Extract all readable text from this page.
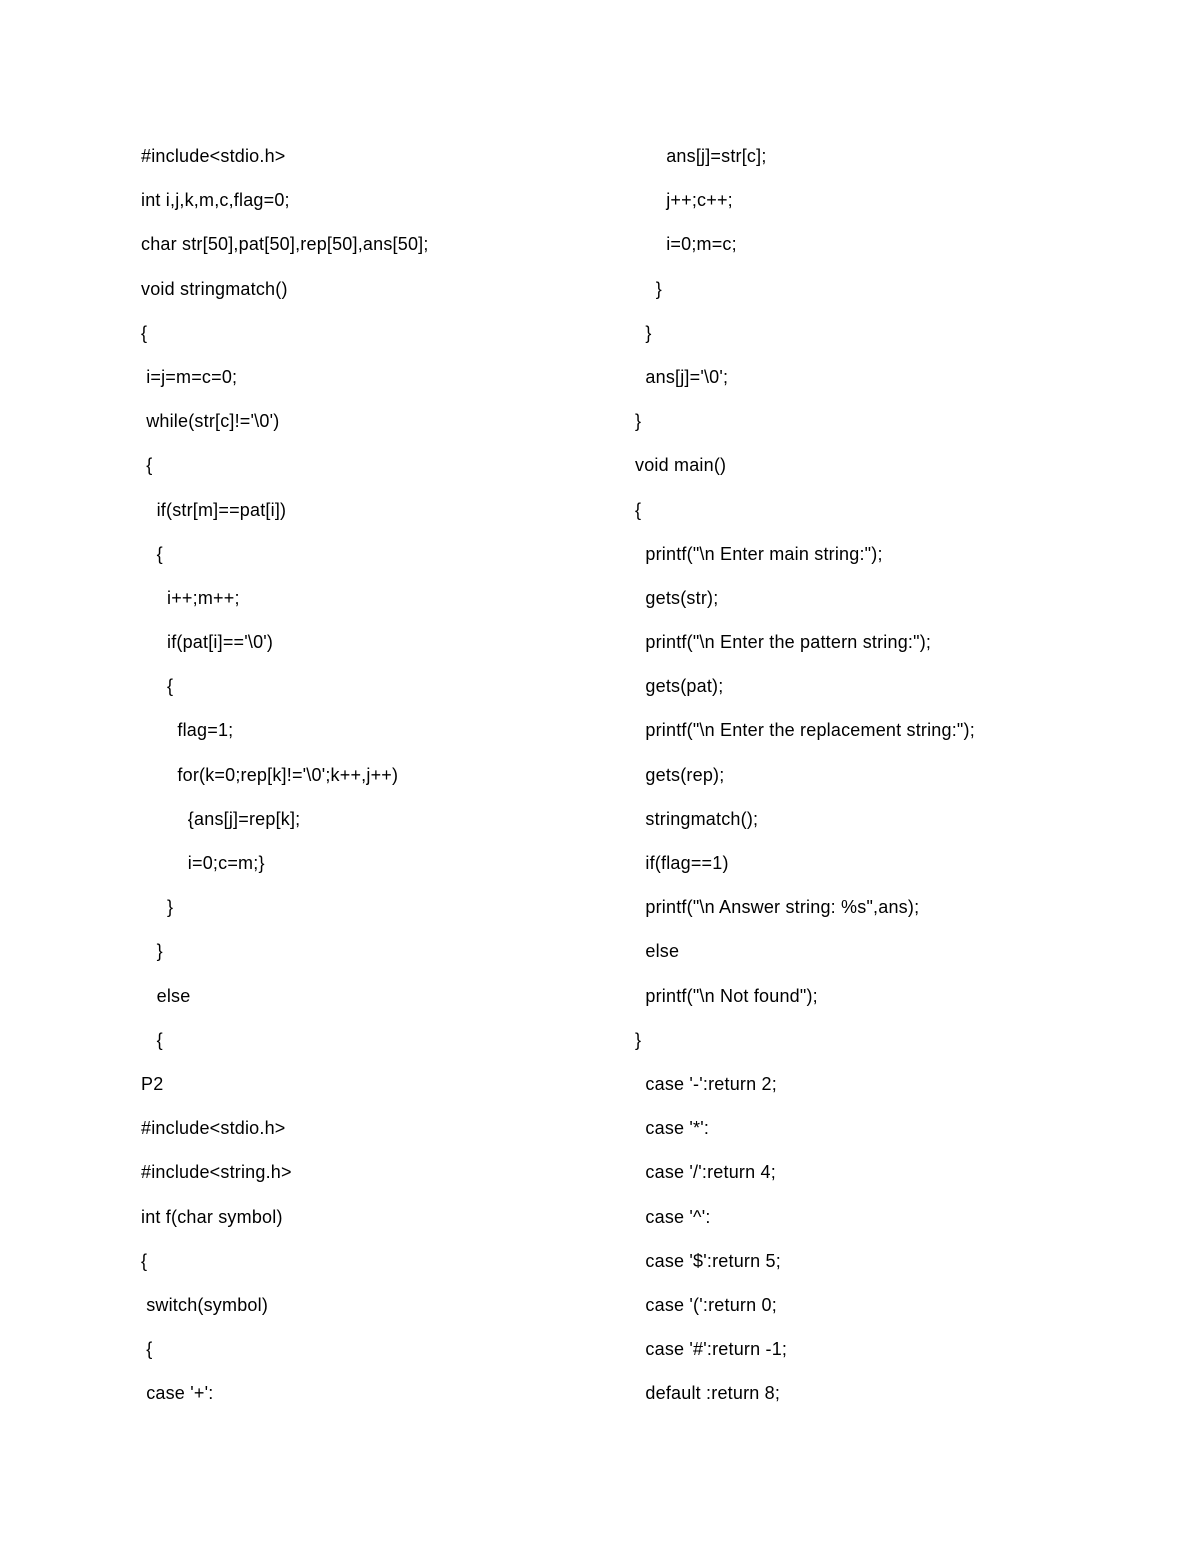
#include<stdio.h>
int i,j,k,m,c,flag=0;
char str[50],pat[50],rep[50],ans[50];
void stringmatch()
{
i=j=m=c=0;
while(str[c]!='\0')
{
if(str[m]==pat[i])
{
i++;m++;
if(pat[i]=='\0')
{
flag=1;
for(k=0;rep[k]!='\0';k++,j++)
{ans[j]=rep[k];
i=0;c=m;}
}
}
else
{
P2
#include<stdio.h>
#include<string.h>
int f(char symbol)
{
switch(symbol)
{
case '+':
ans[j]=str[c];
j++;c++;
i=0;m=c;
}
}
ans[j]='\0';
}
void main()
{
printf("\n Enter main string:");
gets(str);
printf("\n Enter the pattern string:");
gets(pat);
printf("\n Enter the replacement string:");
gets(rep);
stringmatch();
if(flag==1)
printf("\n Answer string: %s",ans);
else
printf("\n Not found");
}
case '-':return 2;
case '*':
case '/':return 4;
case '^':
case '$':return 5;
case '(':return 0;
case '#':return -1;
default :return 8;
